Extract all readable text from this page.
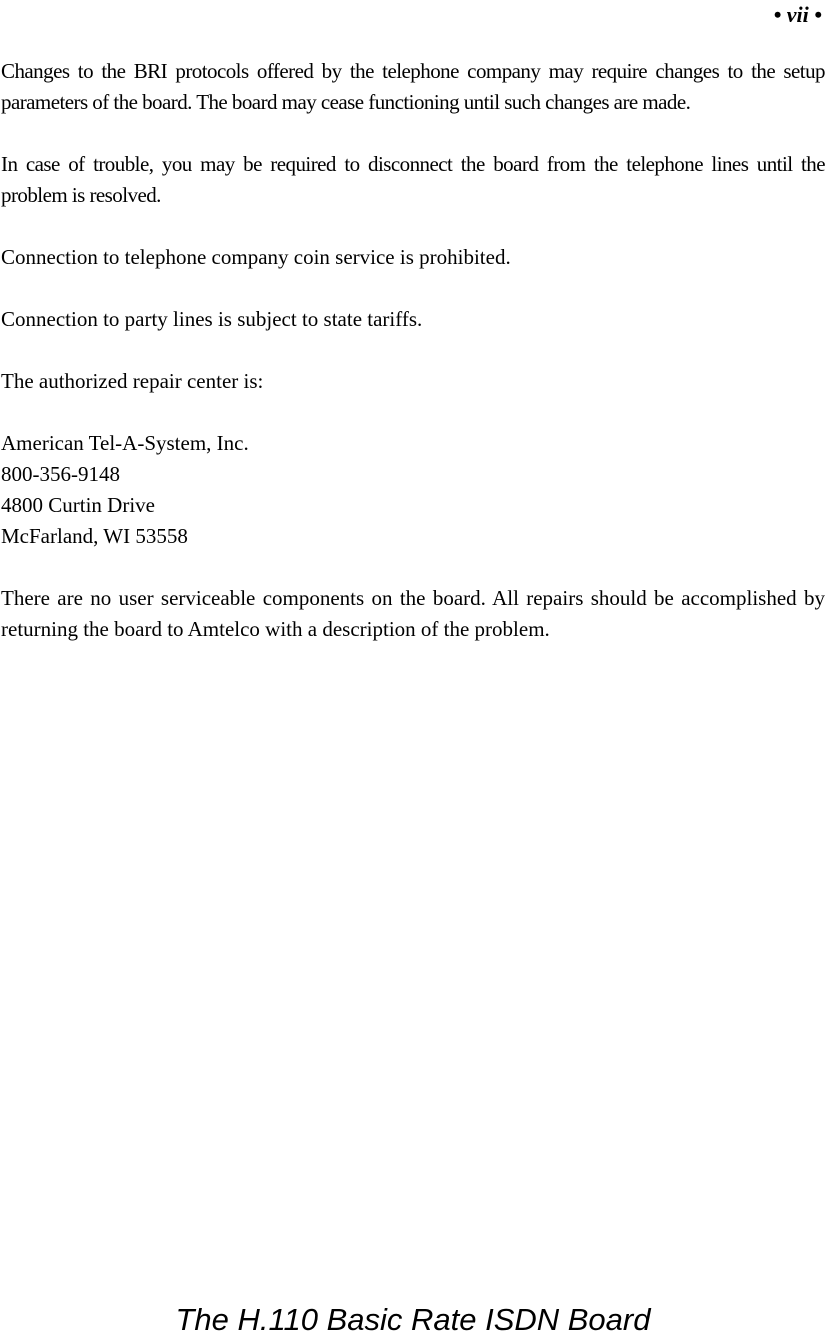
• vii •

Changes to the BRI protocols offered by the telephone company may require changes to the setup parameters of the board. The board may cease functioning until such changes are made.

In case of trouble, you may be required to disconnect the board from the telephone lines until the problem is resolved.

Connection to telephone company coin service is prohibited.

Connection to party lines is subject to state tariffs.

The authorized repair center is:

American Tel-A-System, Inc.
800-356-9148
4800 Curtin Drive
McFarland, WI 53558

There are no user serviceable components on the board. All repairs should be accomplished by returning the board to Amtelco with a description of the problem.

The H.110 Basic Rate ISDN Board
